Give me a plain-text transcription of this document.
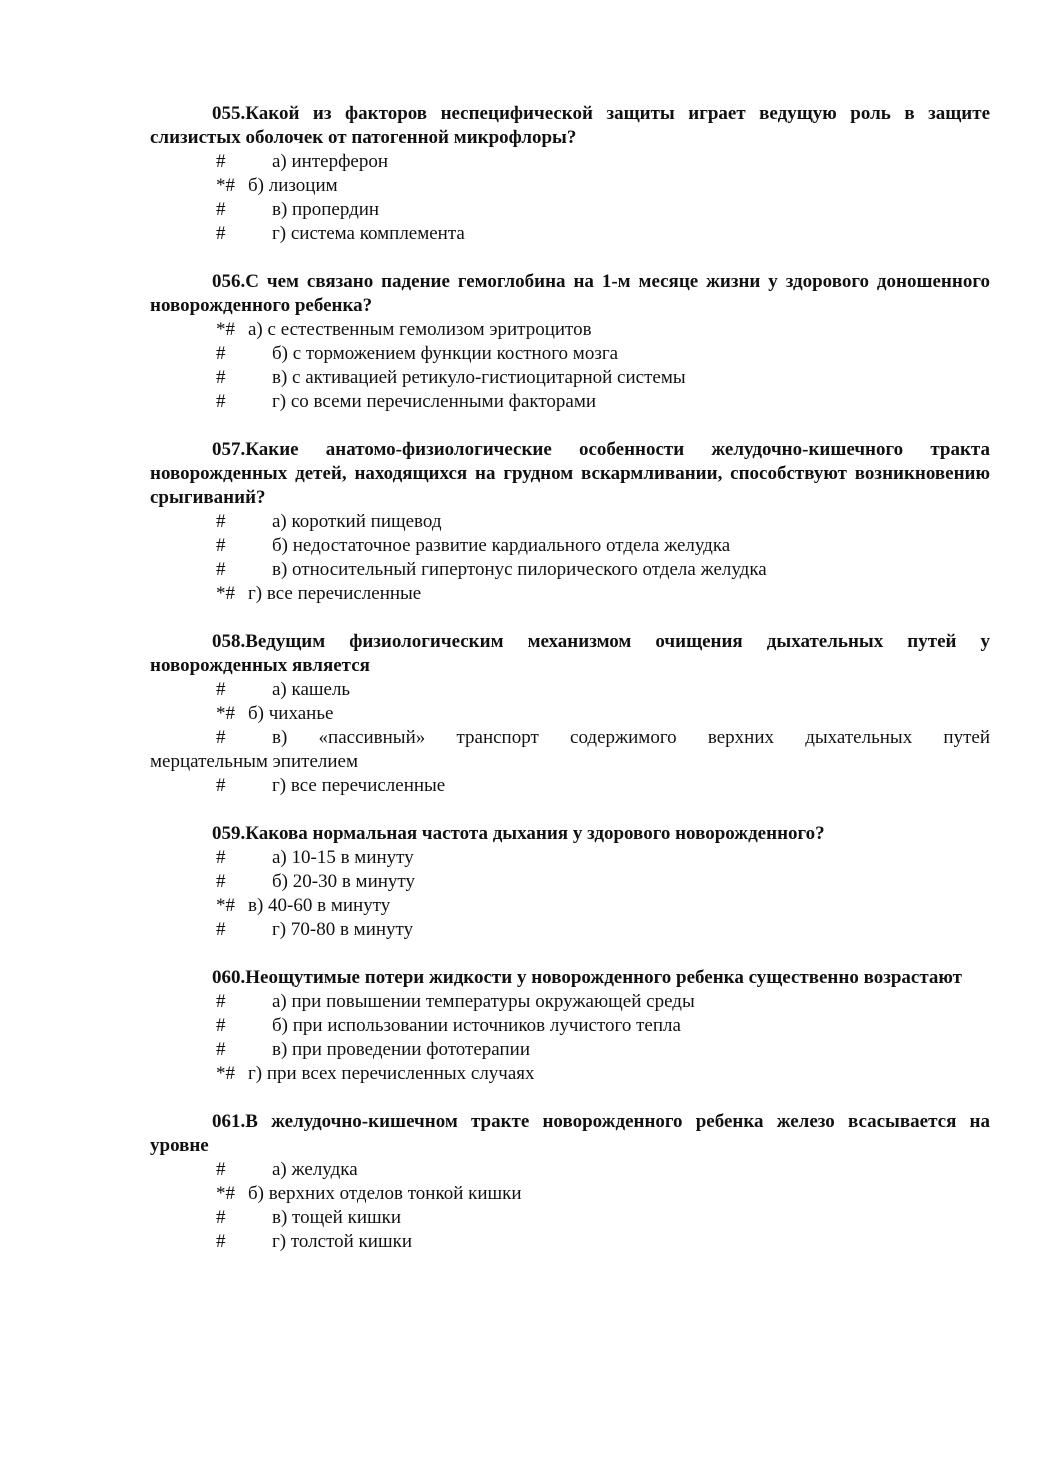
055.Какой из факторов неспецифической защиты играет ведущую роль в защите слизистых оболочек от патогенной микрофлоры?

# а) интерферон
*# б) лизоцим
# в) пропердин
# г) система комплемента

056.С чем связано падение гемоглобина на 1-м месяце жизни у здорового доношенного новорожденного ребенка?

*# а) с естественным гемолизом эритроцитов
# б) с торможением функции костного мозга
# в) с активацией ретикуло-гистиоцитарной системы
# г) со всеми перечисленными факторами

057.Какие анатомо-физиологические особенности желудочно-кишечного тракта новорожденных детей, находящихся на грудном вскармливании, способствуют возникновению срыгиваний?

# а) короткий пищевод
# б) недостаточное развитие кардиального отдела желудка
# в) относительный гипертонус пилорического отдела желудка
*# г) все перечисленные

058.Ведущим физиологическим механизмом очищения дыхательных путей у новорожденных является

# а) кашель
*# б) чиханье
#	в) «пассивный» транспорт содержимого верхних дыхательных путей
мерцательным эпителием
# г) все перечисленные

059.Какова нормальная частота дыхания у здорового новорожденного?

# а) 10-15 в минуту
# б) 20-30 в минуту
*# в) 40-60 в минуту
# г) 70-80 в минуту

060.Неощутимые потери жидкости у новорожденного ребенка существенно возрастают

# а) при повышении температуры окружающей среды
# б) при использовании источников лучистого тепла
# в) при проведении фототерапии
*# г) при всех перечисленных случаях

061.В желудочно-кишечном тракте новорожденного ребенка железо всасывается на уровне

# а) желудка
*# б) верхних отделов тонкой кишки
# в) тощей кишки
# г) толстой кишки
